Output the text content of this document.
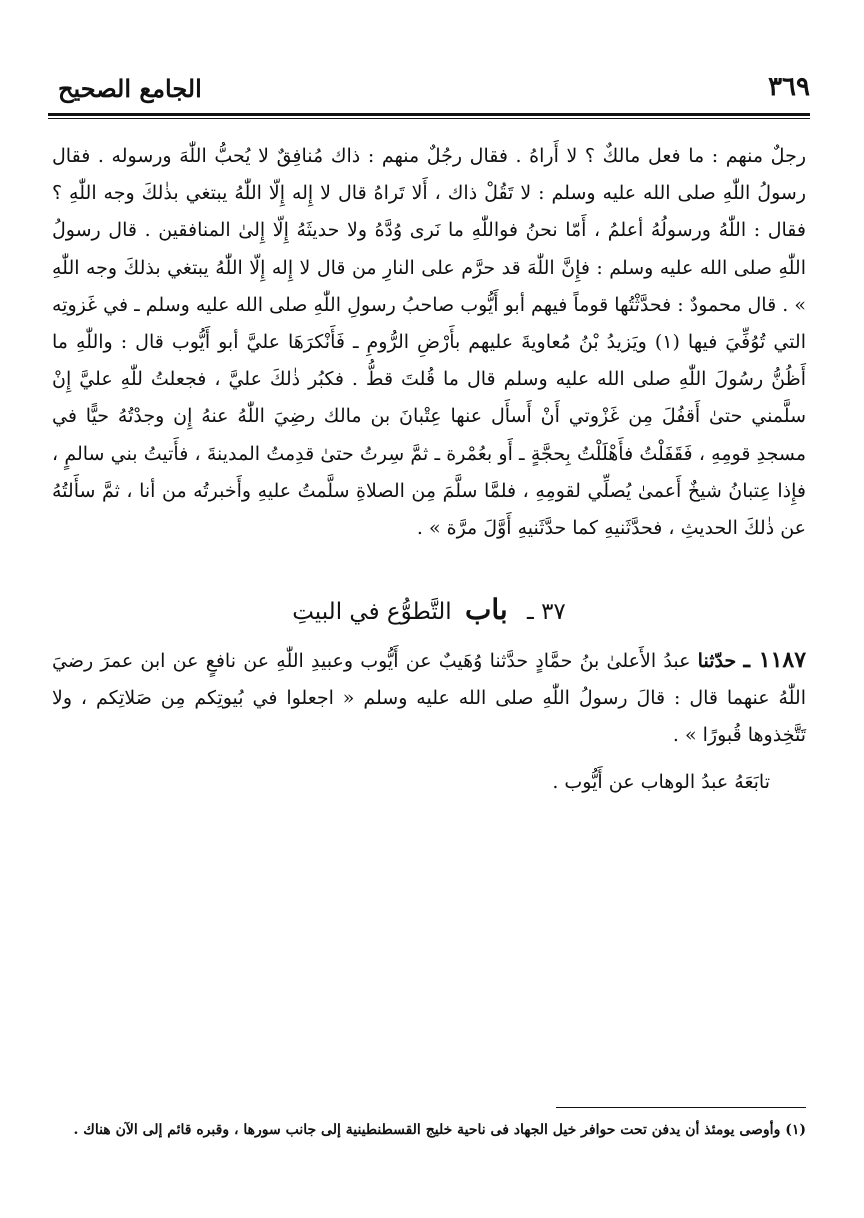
٣٦٩
الجامع الصحيح
رجلٌ منهم : ما فعل مالكٌ ؟ لا أَراهُ . فقال رجُلٌ منهم : ذاك مُنافِقٌ لا يُحبُّ اللّٰهَ ورسوله . فقال رسولُ اللّٰهِ صلى الله عليه وسلم : لا تَقُلْ ذاك ، أَلا تَراهُ قال لا إِله إِلّا اللّٰهُ يبتغي بذٰلكَ وجه اللّٰهِ ؟ فقال : اللّٰهُ ورسولُهُ أعلمُ ، أَمّا نحنُ فواللّٰهِ ما نَرى وُدَّهُ ولا حديثَهُ إِلّا إِلىٰ المنافقين . قال رسولُ اللّٰهِ صلى الله عليه وسلم : فإِنَّ اللّٰهَ قد حرَّم على النارِ من قال لا إِله إِلّا اللّٰهُ يبتغي بذلكَ وجه اللّٰهِ » . قال محمودٌ : فحدَّثْتُها قوماً فيهم أبو أَيُّوب صاحبُ رسولِ اللّٰهِ صلى الله عليه وسلم ـ في غَزوتِه التي تُوُفِّيَ فيها (١) ويَزيدُ بْنُ مُعاويةَ عليهم بأَرْضِ الرُّومِ ـ فَأَنْكرَهَا عليَّ أبو أَيُّوب قال : واللّٰهِ ما أَظُنُّ رسُولَ اللّٰهِ صلى الله عليه وسلم قال ما قُلتَ قطُّ . فكبُر ذٰلكَ عليَّ ، فجعلتُ للّٰهِ عليَّ إِنْ سلَّمني حتىٰ أَقفُلَ مِن غَزْوتي أَنْ أَسأَل عنها عِتْبانَ بن مالك رضِيَ اللّٰهُ عنهُ إِن وجدْتُهُ حيًّا في مسجدِ قومِهِ ، فَقَفَلْتُ فأَهْلَلْتُ بِحجَّةٍ ـ أَو بعُمْرة ـ ثمَّ سِرتُ حتىٰ قدِمتُ المدينةَ ، فأَتيتُ بني سالمٍ ، فإِذا عِتبانُ شيخٌ أَعمىٰ يُصلِّي لقومِهِ ، فلمَّا سلَّمَ مِن الصلاةِ سلَّمتُ عليهِ وأَخبرتُه من أنا ، ثمَّ سأَلتُهُ عن ذٰلكَ الحديثِ ، فحدَّثَنيهِ كما حدَّثَنيهِ أَوَّلَ مرَّة » .
٣٧ ـ باب التَّطوُّع في البيتِ
١١٨٧ ـ حدّثنا عبدُ الأَعلىٰ بنُ حمَّادٍ حدَّثنا وُهَيبٌ عن أَيُّوب وعبيدِ اللّٰهِ عن نافعٍ عن ابن عمرَ رضيَ اللّٰهُ عنهما قال : قالَ رسولُ اللّٰهِ صلى الله عليه وسلم « اجعلوا في بُيوتِكم مِن صَلاتِكم ، ولا تَتَّخِذوها قُبورًا » .
تابَعَهُ عبدُ الوهاب عن أَيُّوب .
(١) وأوصى يومئذ أن يدفن تحت حوافر خيل الجهاد فى ناحية خليج القسطنطينية إلى جانب سورها ، وقبره قائم إلى الآن هناك .
